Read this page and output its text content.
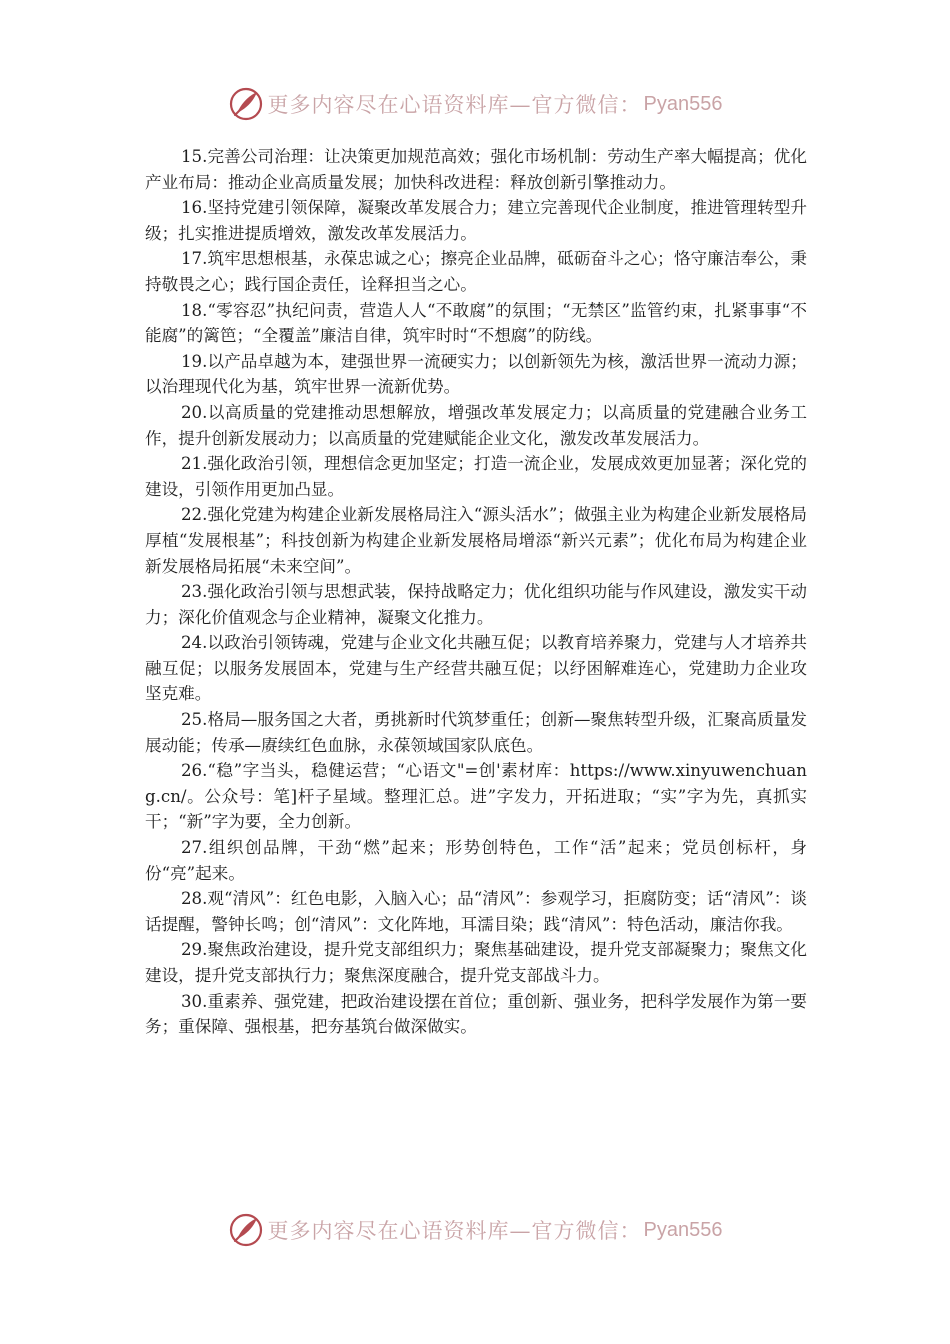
更多内容尽在心语资料库—官方微信： Pyan556

15.完善公司治理：让决策更加规范高效；强化市场机制：劳动生产率大幅提高；优化产业布局：推动企业高质量发展；加快科改进程：释放创新引擎推动力。

16.坚持党建引领保障，凝聚改革发展合力；建立完善现代企业制度，推进管理转型升级；扎实推进提质增效，激发改革发展活力。

17.筑牢思想根基，永葆忠诚之心；擦亮企业品牌，砥砺奋斗之心；恪守廉洁奉公，秉持敬畏之心；践行国企责任，诠释担当之心。

18.“零容忍”执纪问责，营造人人“不敢腐”的氛围；“无禁区”监管约束，扎紧事事“不能腐”的篱笆；“全覆盖”廉洁自律，筑牢时时“不想腐”的防线。

19.以产品卓越为本，建强世界一流硬实力；以创新领先为核，激活世界一流动力源；以治理现代化为基，筑牢世界一流新优势。

20.以高质量的党建推动思想解放，增强改革发展定力；以高质量的党建融合业务工作，提升创新发展动力；以高质量的党建赋能企业文化，激发改革发展活力。

21.强化政治引领，理想信念更加坚定；打造一流企业，发展成效更加显著；深化党的建设，引领作用更加凸显。

22.强化党建为构建企业新发展格局注入“源头活水”；做强主业为构建企业新发展格局厚植“发展根基”；科技创新为构建企业新发展格局增添“新兴元素”；优化布局为构建企业新发展格局拓展“未来空间”。

23.强化政治引领与思想武装，保持战略定力；优化组织功能与作风建设，激发实干动力；深化价值观念与企业精神，凝聚文化推力。

24.以政治引领铸魂，党建与企业文化共融互促；以教育培养聚力，党建与人才培养共融互促；以服务发展固本，党建与生产经营共融互促；以纾困解难连心，党建助力企业攻坚克难。

25.格局—服务国之大者，勇挑新时代筑梦重任；创新—聚焦转型升级，汇聚高质量发展动能；传承—赓续红色血脉，永葆领域国家队底色。

26.“稳”字当头，稳健运营；“心语文"=创'素材库：https://www.xinyuwenchuang.cn/。公众号：笔]杆子星域。整理汇总。进”字发力，开拓进取；“实”字为先，真抓实干；“新”字为要，全力创新。

27.组织创品牌，干劲“燃”起来；形势创特色，工作“活”起来；党员创标杆，身份“亮”起来。

28.观“清风”：红色电影，入脑入心；品“清风”：参观学习，拒腐防变；话“清风”：谈话提醒，警钟长鸣；创“清风”：文化阵地，耳濡目染；践“清风”：特色活动，廉洁你我。

29.聚焦政治建设，提升党支部组织力；聚焦基础建设，提升党支部凝聚力；聚焦文化建设，提升党支部执行力；聚焦深度融合，提升党支部战斗力。

30.重素养、强党建，把政治建设摆在首位；重创新、强业务，把科学发展作为第一要务；重保障、强根基，把夯基筑台做深做实。

更多内容尽在心语资料库—官方微信： Pyan556
